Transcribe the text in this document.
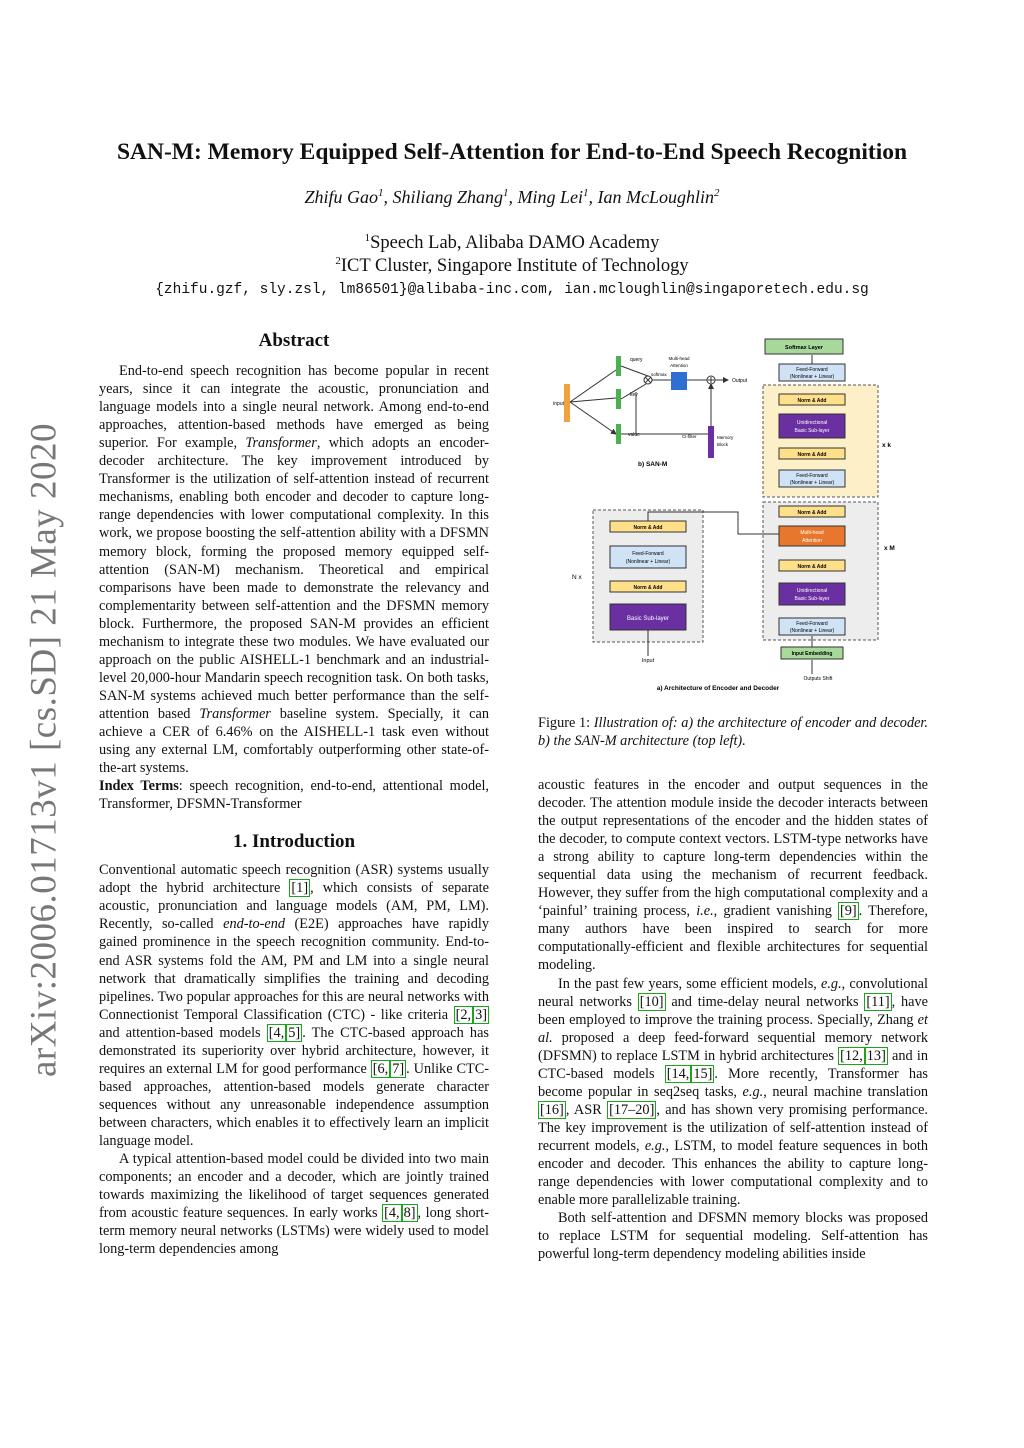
arXiv:2006.01713v1 [cs.SD] 21 May 2020
SAN-M: Memory Equipped Self-Attention for End-to-End Speech Recognition
Zhifu Gao$^1$, Shiliang Zhang$^1$, Ming Lei$^1$, Ian McLoughlin$^2$
$^1$Speech Lab, Alibaba DAMO Academy
$^2$ICT Cluster, Singapore Institute of Technology
{zhifu.gzf, sly.zsl, lm86501}@alibaba-inc.com, ian.mcloughlin@singaporetech.edu.sg
Abstract

End-to-end speech recognition has become popular in recent years, since it can integrate the acoustic, pronunciation and language models into a single neural network. Among end-to-end approaches, attention-based methods have emerged as being superior. For example, Transformer, which adopts an encoder-decoder architecture. The key improvement introduced by Transformer is the utilization of self-attention instead of recurrent mechanisms, enabling both encoder and decoder to capture long-range dependencies with lower computational complexity. In this work, we propose boosting the self-attention ability with a DFSMN memory block, forming the proposed memory equipped self-attention (SAN-M) mechanism. Theoretical and empirical comparisons have been made to demonstrate the relevancy and complementarity between self-attention and the DFSMN memory block. Furthermore, the proposed SAN-M provides an efficient mechanism to integrate these two modules. We have evaluated our approach on the public AISHELL-1 benchmark and an industrial-level 20,000-hour Mandarin speech recognition task. On both tasks, SAN-M systems achieved much better performance than the self-attention based Transformer baseline system. Specially, it can achieve a CER of 6.46% on the AISHELL-1 task even without using any external LM, comfortably outperforming other state-of-the-art systems.

Index Terms: speech recognition, end-to-end, attentional model, Transformer, DFSMN-Transformer

1. Introduction

Conventional automatic speech recognition (ASR) systems usually adopt the hybrid architecture [1] , which consists of separate acoustic, pronunciation and language models (AM, PM, LM). Recently, so-called end-to-end (E2E) approaches have rapidly gained prominence in the speech recognition community. End-to-end ASR systems fold the AM, PM and LM into a single neural network that dramatically simplifies the training and decoding pipelines. Two popular approaches for this are neural networks with Connectionist Temporal Classification (CTC) - like criteria [2, 3] and attention-based models [4, 5] . The CTC-based approach has demonstrated its superiority over hybrid architecture, however, it requires an external LM for good performance [6, 7] . Unlike CTC-based approaches, attention-based models generate character sequences without any unreasonable independence assumption between characters, which enables it to effectively learn an implicit language model.

A typical attention-based model could be divided into two main components; an encoder and a decoder, which are jointly trained towards maximizing the likelihood of target sequences generated from acoustic feature sequences. In early works [4, 8] , long short-term memory neural networks (LSTMs) were widely used to model long-term dependencies among

input
query
key
value
softmax
Multi-head
Attention
Output
CI-filter	Memory
Block
b) SAN-M
Softmax Layer
Feed-Forward
(Nonlinear + Linear)
Norm & Add
Unidirectional
Basic Sub-layer
Norm & Add
Feed-Forward
(Nonlinear + Linear)
x k
Norm & Add
Multi-head
Attention
Norm & Add
Unidirectional
Basic Sub-layer
Feed-Forward
(Nonlinear + Linear)
x M
Input Embedding
Outputs Shift
Norm & Add
Feed-Forward
(Nonlinear + Linear)
Norm & Add
Basic Sub-layer
N x
Input
a) Architecture of Encoder and Decoder
Figure 1: Illustration of: a) the architecture of encoder and decoder. b) the SAN-M architecture (top left).

acoustic features in the encoder and output sequences in the decoder. The attention module inside the decoder interacts between the output representations of the encoder and the hidden states of the decoder, to compute context vectors. LSTM-type networks have a strong ability to capture long-term dependencies within the sequential data using the mechanism of recurrent feedback. However, they suffer from the high computational complexity and a ‘painful’ training process, i.e., gradient vanishing [9] . Therefore, many authors have been inspired to search for more computationally-efficient and flexible architectures for sequential modeling.

In the past few years, some efficient models, e.g., convolutional neural networks [10] and time-delay neural networks [11] , have been employed to improve the training process. Specially, Zhang et al. proposed a deep feed-forward sequential memory network (DFSMN) to replace LSTM in hybrid architectures [12, 13] and in CTC-based models [14, 15] . More recently, Transformer has become popular in seq2seq tasks, e.g., neural machine translation [16] , ASR [17–20] , and has shown very promising performance. The key improvement is the utilization of self-attention instead of recurrent models, e.g., LSTM, to model feature sequences in both encoder and decoder. This enhances the ability to capture long-range dependencies with lower computational complexity and to enable more parallelizable training.

Both self-attention and DFSMN memory blocks was proposed to replace LSTM for sequential modeling. Self-attention has powerful long-term dependency modeling abilities inside
